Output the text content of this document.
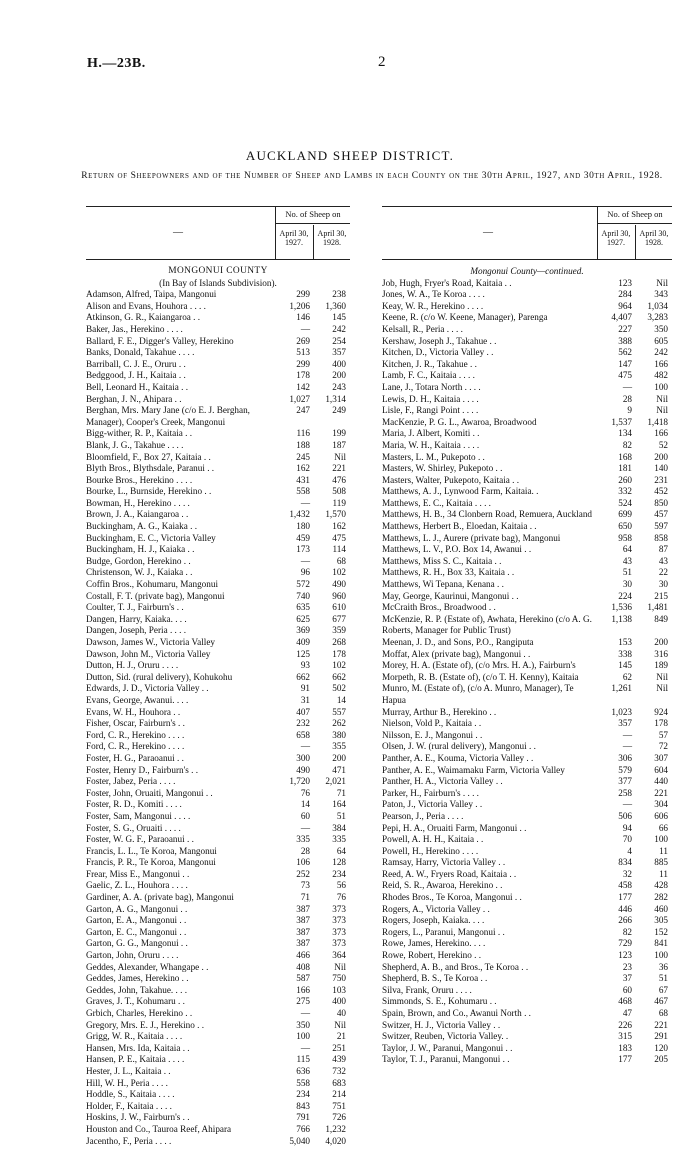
H.—23B.	2
AUCKLAND SHEEP DISTRICT.
Return of Sheepowners and of the Number of Sheep and Lambs in each County on the 30th April, 1927, and 30th April, 1928.
—
No. of Sheep on
April 30, 1927.
April 30, 1928.
MONGONUI COUNTY
(In Bay of Islands Subdivision).
Adamson, Alfred, Taipa, Mangonui	299	238
Alison and Evans, Houhora . . . .	1,206	1,360
Atkinson, G. R., Kaiangaroa . .	146	145
Baker, Jas., Herekino . . . .	—	242
Ballard, F. E., Digger's Valley, Herekino	269	254
Banks, Donald, Takahue . . . .	513	357
Barriball, C. J. E., Oruru . .	299	400
Bedggood, J. H., Kaitaia . .	178	200
Bell, Leonard H., Kaitaia . .	142	243
Berghan, J. N., Ahipara . .	1,027	1,314
Berghan, Mrs. Mary Jane (c/o E. J. Berghan, Manager), Cooper's Creek, Mangonui
247	249
Bigg-wither, R. P., Kaitaia . .	116	199
Blank, J. G., Takahue . . . .	188	187
Bloomfield, F., Box 27, Kaitaia . .	245	Nil
Blyth Bros., Blythsdale, Paranui . .	162	221
Bourke Bros., Herekino . . . .	431	476
Bourke, L., Burnside, Herekino . .	558	508
Bowman, H., Herekino . . . .	—	119
Brown, J. A., Kaiangaroa . .	1,432	1,570
Buckingham, A. G., Kaiaka . .	180	162
Buckingham, E. C., Victoria Valley	459	475
Buckingham, H. J., Kaiaka . .	173	114
Budge, Gordon, Herekino . .	—	68
Christenson, W. J., Kaiaka . .	96	102
Coffin Bros., Kohumaru, Mangonui	572	490
Costall, F. T. (private bag), Mangonui	740	960
Coulter, T. J., Fairburn's . .	635	610
Dangen, Harry, Kaiaka. . . .	625	677
Dangen, Joseph, Peria . . . .	369	359
Dawson, James W., Victoria Valley	409	268
Dawson, John M., Victoria Valley	125	178
Dutton, H. J., Oruru . . . .	93	102
Dutton, Sid. (rural delivery), Kohukohu	662	662
Edwards, J. D., Victoria Valley . .	91	502
Evans, George, Awanui. . . .	31	14
Evans, W. H., Houhora . .	407	557
Fisher, Oscar, Fairburn's . .	232	262
Ford, C. R., Herekino . . . .	658	380
Ford, C. R., Herekino . . . .	—	355
Foster, H. G., Paraoanui . .	300	200
Foster, Henry D., Fairburn's . .	490	471
Foster, Jabez, Peria . . . .	1,720	2,021
Foster, John, Oruaiti, Mangonui . .	76	71
Foster, R. D., Komiti . . . .	14	164
Foster, Sam, Mangonui . . . .	60	51
Foster, S. G., Oruaiti . . . .	—	384
Foster, W. G. F., Paraoanui . .	335	335
Francis, L. L., Te Koroa, Mangonui	28	64
Francis, P. R., Te Koroa, Mangonui	106	128
Frear, Miss E., Mangonui . .	252	234
Gaelic, Z. L., Houhora . . . .	73	56
Gardiner, A. A. (private bag), Mangonui	71	76
Garton, A. G., Mangonui . .	387	373
Garton, E. A., Mangonui . .	387	373
Garton, E. C., Mangonui . .	387	373
Garton, G. G., Mangonui . .	387	373
Garton, John, Oruru . . . .	466	364
Geddes, Alexander, Whangape . .	408	Nil
Geddes, James, Herekino . .	587	750
Geddes, John, Takahue. . . .	166	103
Graves, J. T., Kohumaru . .	275	400
Grbich, Charles, Herekino . .	—	40
Gregory, Mrs. E. J., Herekino . .	350	Nil
Grigg, W. R., Kaitaia . . . .	100	21
Hansen, Mrs. Ida, Kaitaia . .	—	251
Hansen, P. E., Kaitaia . . . .	115	439
Hester, J. L., Kaitaia . .	636	732
Hill, W. H., Peria . . . .	558	683
Hoddle, S., Kaitaia . . . .	234	214
Holder, F., Kaitaia . . . .	843	751
Hoskins, J. W., Fairburn's . .	791	726
Houston and Co., Tauroa Reef, Ahipara	766	1,232
Jacentho, F., Peria . . . .	5,040	4,020
—
No. of Sheep on
April 30, 1927.
April 30, 1928.
Mongonui County—continued.
Job, Hugh, Fryer's Road, Kaitaia . .	123	Nil
Jones, W. A., Te Koroa . . . .	284	343
Keay, W. R., Herekino . . . .	964	1,034
Keene, R. (c/o W. Keene, Manager), Parenga	4,407	3,283
Kelsall, R., Peria . . . .	227	350
Kershaw, Joseph J., Takahue . .	388	605
Kitchen, D., Victoria Valley . .	562	242
Kitchen, J. R., Takahue . .	147	166
Lamb, F. C., Kaitaia . . . .	475	482
Lane, J., Totara North . . . .	—	100
Lewis, D. H., Kaitaia . . . .	28	Nil
Lisle, F., Rangi Point . . . .	9	Nil
MacKenzie, P. G. L., Awaroa, Broadwood	1,537	1,418
Maria, J. Albert, Komiti . .	134	166
Maria, W. H., Kaitaia . . . .	82	52
Masters, L. M., Pukepoto . .	168	200
Masters, W. Shirley, Pukepoto . .	181	140
Masters, Walter, Pukepoto, Kaitaia . .	260	231
Matthews, A. J., Lynwood Farm, Kaitaia. .	332	452
Matthews, E. C., Kaitaia . . . .	524	850
Matthews, H. B., 34 Clonbern Road, Remuera, Auckland	699	457
Matthews, Herbert B., Eloedan, Kaitaia . .	650	597
Matthews, L. J., Aurere (private bag), Mangonui	958	858
Matthews, L. V., P.O. Box 14, Awanui . .	64	87
Matthews, Miss S. C., Kaitaia . .	43	43
Matthews, R. H., Box 33, Kaitaia . .	51	22
Matthews, Wi Tepana, Kenana . .	30	30
May, George, Kaurinui, Mangonui . .	224	215
McCraith Bros., Broadwood . .	1,536	1,481
McKenzie, R. P. (Estate of), Awhata, Herekino (c/o A. G. Roberts, Manager for Public Trust)
1,138	849
Meenan, J. D., and Sons, P.O., Rangiputa	153	200
Moffat, Alex (private bag), Mangonui . .	338	316
Morey, H. A. (Estate of), (c/o Mrs. H. A.), Fairburn's	145	189
Morpeth, R. B. (Estate of), (c/o T. H. Kenny), Kaitaia	62	Nil
Munro, M. (Estate of), (c/o A. Munro, Manager), Te Hapua
1,261	Nil
Murray, Arthur B., Herekino . .	1,023	924
Nielson, Vold P., Kaitaia . .	357	178
Nilsson, E. J., Mangonui . .	—	57
Olsen, J. W. (rural delivery), Mangonui . .	—	72
Panther, A. E., Kouma, Victoria Valley . .	306	307
Panther, A. E., Waimamaku Farm, Victoria Valley	579	604
Panther, H. A., Victoria Valley . .	377	440
Parker, H., Fairburn's . . . .	258	221
Paton, J., Victoria Valley . .	—	304
Pearson, J., Peria . . . .	506	606
Pepi, H. A., Oruaiti Farm, Mangonui . .	94	66
Powell, A. H. H., Kaitaia . .	70	100
Powell, H., Herekino . . . .	4	11
Ramsay, Harry, Victoria Valley . .	834	885
Reed, A. W., Fryers Road, Kaitaia . .	32	11
Reid, S. R., Awaroa, Herekino . .	458	428
Rhodes Bros., Te Koroa, Mangonui . .	177	282
Rogers, A., Victoria Valley . .	446	460
Rogers, Joseph, Kaiaka. . . .	266	305
Rogers, L., Paranui, Mangonui . .	82	152
Rowe, James, Herekino. . . .	729	841
Rowe, Robert, Herekino . .	123	100
Shepherd, A. B., and Bros., Te Koroa . .	23	36
Shepherd, B. S., Te Koroa . .	37	51
Silva, Frank, Oruru . . . .	60	67
Simmonds, S. E., Kohumaru . .	468	467
Spain, Brown, and Co., Awanui North . .	47	68
Switzer, H. J., Victoria Valley . .	226	221
Switzer, Reuben, Victoria Valley. .	315	291
Taylor, J. W., Paranui, Mangonui . .	183	120
Taylor, T. J., Paranui, Mangonui . .	177	205
